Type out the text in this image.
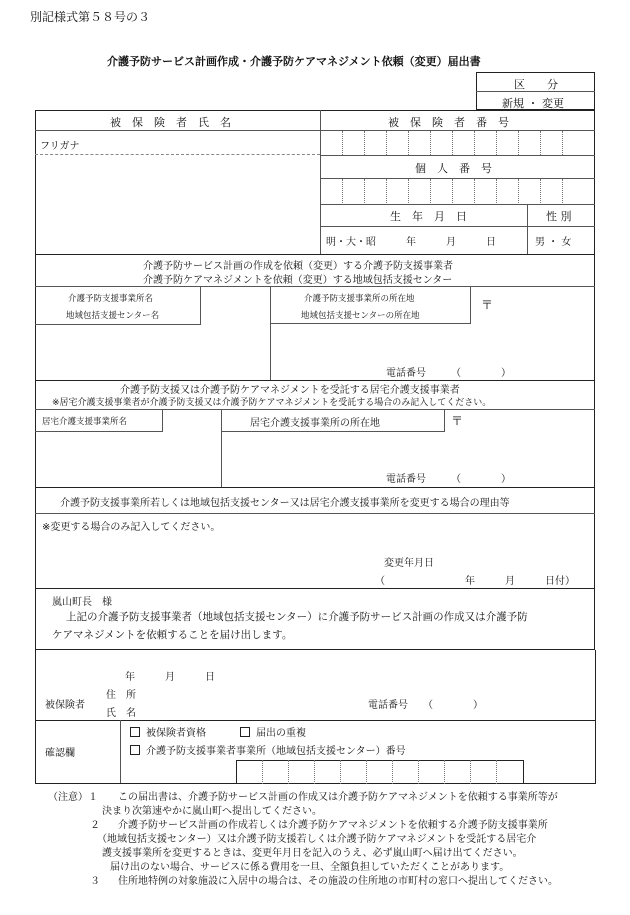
別記様式第５８号の３
介護予防サービス計画作成・介護予防ケアマネジメント依頼（変更）届出書
区　　分
新規 ・ 変更
被　保　険　者　氏　名	被　保　険　者　番　号
フリガナ
個　人　番　号
生　年　月　日	性 別
明・大・昭　　　年　　　月　　　日	男 ・ 女
介護予防サービス計画の作成を依頼（変更）する介護予防支援事業者
介護予防ケアマネジメントを依頼（変更）する地域包括支援センター
介護予防支援事業所名
地域包括支援センター名
介護予防支援事業所の所在地
地域包括支援センターの所在地
〒
電話番号　　　（　　　　）
介護予防支援又は介護予防ケアマネジメントを受託する居宅介護支援事業者
※居宅介護支援事業者が介護予防支援又は介護予防ケアマネジメントを受託する場合のみ記入してください。
居宅介護支援事業所名	居宅介護支援事業所の所在地	〒
電話番号　　　（　　　　）
介護予防支援事業所若しくは地域包括支援センター又は居宅介護支援事業所を変更する場合の理由等
※変更する場合のみ記入してください。
変更年月日
（　　　　　　　　年　　　月　　　日付）
嵐山町長　様
上記の介護予防支援事業者（地域包括支援センター）に介護予防サービス計画の作成又は介護予防
ケアマネジメントを依頼することを届け出します。
年　　　月　　　日
被保険者
住　所
氏　名
電話番号　　（　　　　）
確認欄
被保険者資格	届出の重複
介護予防支援事業者事業所（地域包括支援センター）番号
（注意）１ この届出書は、介護予防サービス計画の作成又は介護予防ケアマネジメントを依頼する事業所等が
決まり次第速やかに嵐山町へ提出してください。
２ 介護予防サービス計画の作成若しくは介護予防ケアマネジメントを依頼する介護予防支援事業所
（地域包括支援センター）又は介護予防支援若しくは介護予防ケアマネジメントを受託する居宅介
護支援事業所を変更するときは、変更年月日を記入のうえ、必ず嵐山町へ届け出てください。
届け出のない場合、サービスに係る費用を一旦、全額負担していただくことがあります。
３ 住所地特例の対象施設に入居中の場合は、その施設の住所地の市町村の窓口へ提出してください。
